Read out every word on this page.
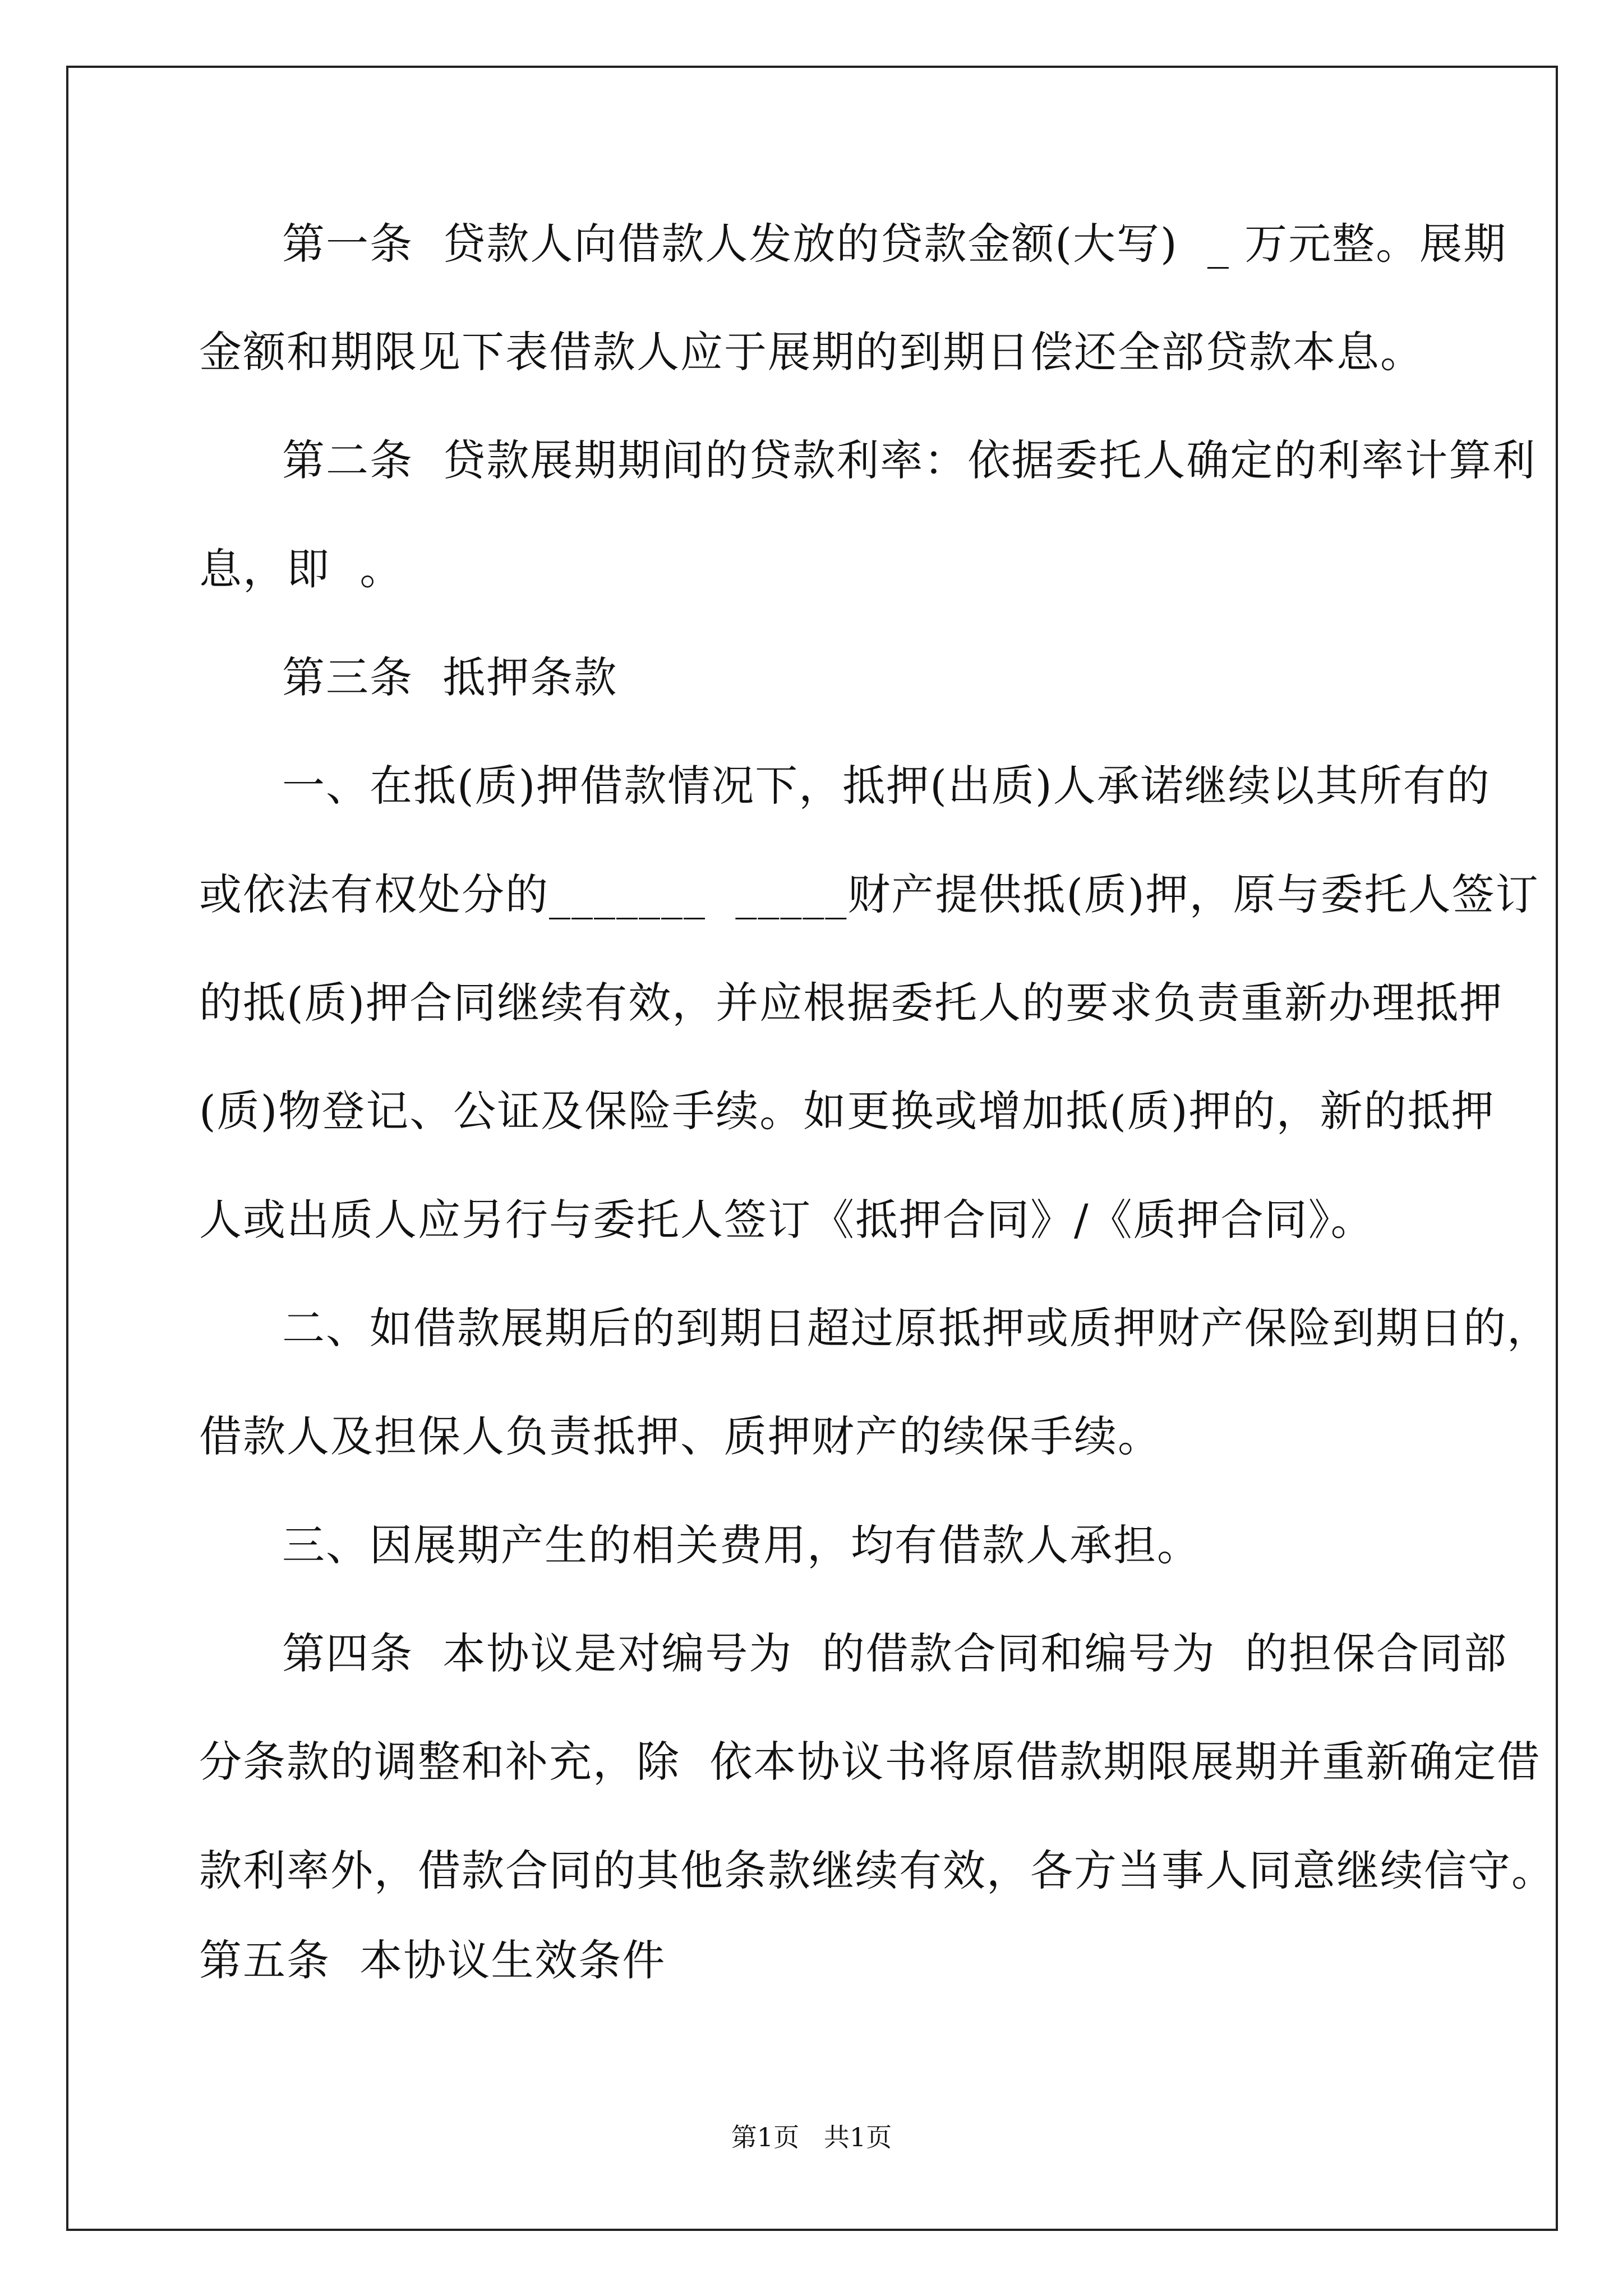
第一条  贷款人向借款人发放的贷款金额(大写)  _ 万元整。展期
金额和期限见下表借款人应于展期的到期日偿还全部贷款本息。
第二条  贷款展期期间的贷款利率：依据委托人确定的利率计算利
息，即  。
第三条  抵押条款
一、在抵(质)押借款情况下，抵押(出质)人承诺继续以其所有的
或依法有权处分的_______  _____财产提供抵(质)押，原与委托人签订
的抵(质)押合同继续有效，并应根据委托人的要求负责重新办理抵押
(质)物登记、公证及保险手续。如更换或增加抵(质)押的，新的抵押
人或出质人应另行与委托人签订《抵押合同》/《质押合同》。
二、如借款展期后的到期日超过原抵押或质押财产保险到期日的，
借款人及担保人负责抵押、质押财产的续保手续。
三、因展期产生的相关费用，均有借款人承担。
第四条  本协议是对编号为  的借款合同和编号为  的担保合同部
分条款的调整和补充，除  依本协议书将原借款期限展期并重新确定借
款利率外，借款合同的其他条款继续有效，各方当事人同意继续信守。
第五条  本协议生效条件
第1页   共1页
